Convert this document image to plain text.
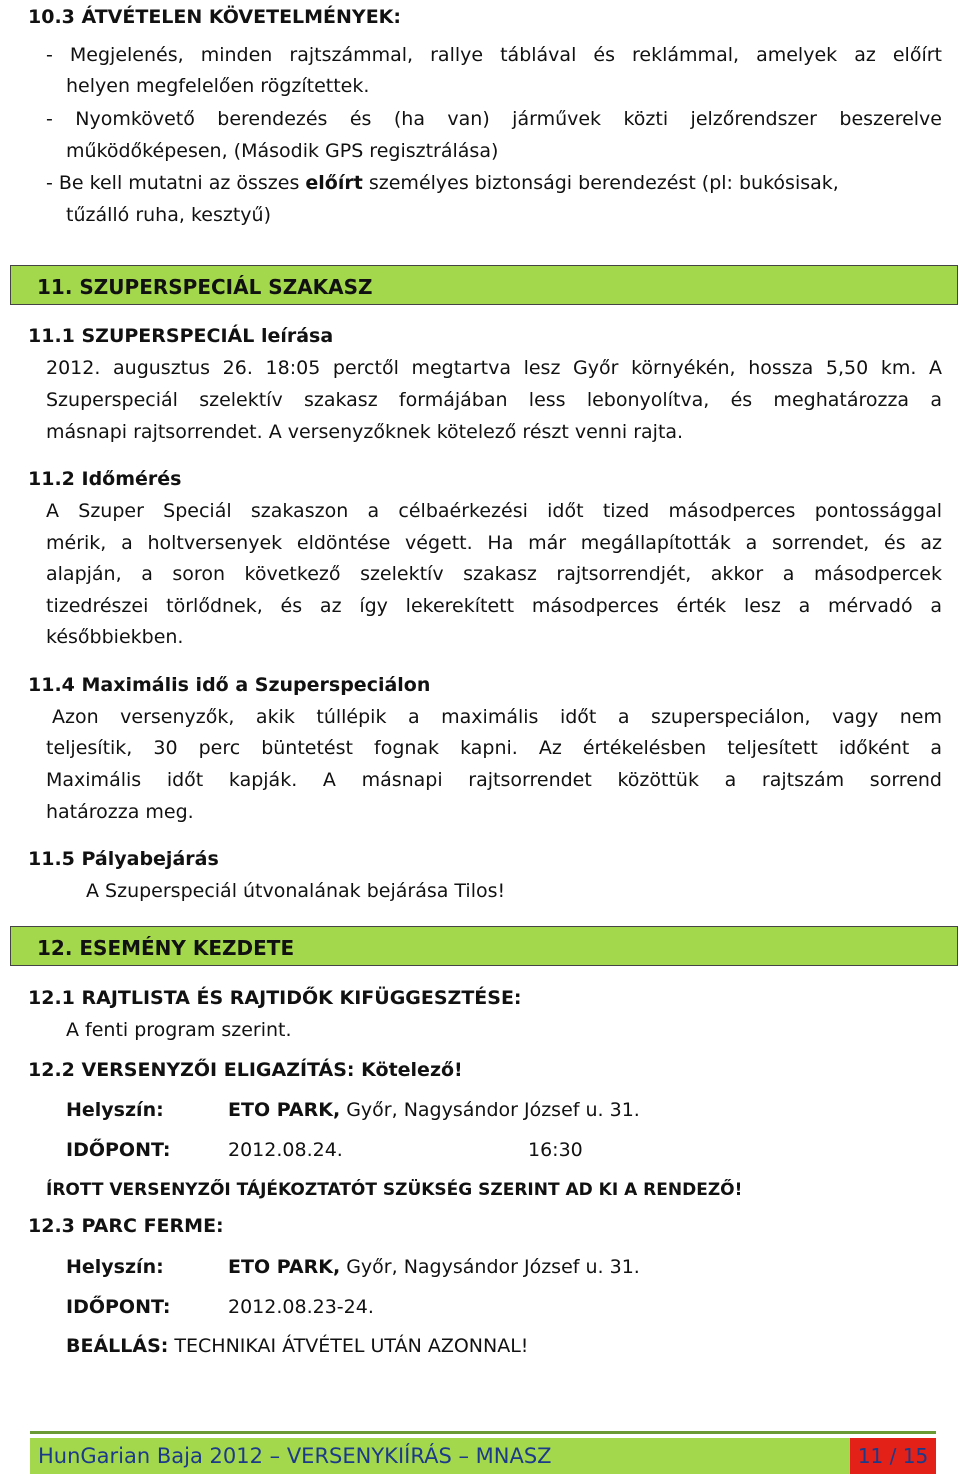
10.3 ÁTVÉTELEN KÖVETELMÉNYEK:
- Megjelenés, minden rajtszámmal, rallye táblával és reklámmal, amelyek az előírt
helyen megfelelően rögzítettek.
- Nyomkövető berendezés és (ha van) járművek közti jelzőrendszer beszerelve
működőképesen, (Második GPS regisztrálása)
- Be kell mutatni az összes előírt személyes biztonsági berendezést (pl: bukósisak,
tűzálló ruha, kesztyű)
11. SZUPERSPECIÁL SZAKASZ
11.1 SZUPERSPECIÁL leírása
2012. augusztus 26. 18:05 perctől megtartva lesz Győr környékén, hossza 5,50 km. A
Szuperspeciál szelektív szakasz formájában less lebonyolítva, és meghatározza a
másnapi rajtsorrendet. A versenyzőknek kötelező részt venni rajta.
11.2 Időmérés
A Szuper Speciál szakaszon a célbaérkezési időt tized másodperces pontossággal
mérik, a holtversenyek eldöntése végett. Ha már megállapították a sorrendet, és az
alapján, a soron következő szelektív szakasz rajtsorrendjét, akkor a másodpercek
tizedrészei törlődnek, és az így lekerekített másodperces érték lesz a mérvadó a
későbbiekben.
11.4 Maximális idő a Szuperspeciálon
Azon versenyzők, akik túllépik a maximális időt a szuperspeciálon, vagy nem
teljesítik, 30 perc büntetést fognak kapni. Az értékelésben teljesített időként a
Maximális időt kapják. A másnapi rajtsorrendet közöttük a rajtszám sorrend
határozza meg.
11.5 Pályabejárás
A Szuperspeciál útvonalának bejárása Tilos!
12. ESEMÉNY KEZDETE
12.1 RAJTLISTA ÉS RAJTIDŐK KIFÜGGESZTÉSE:
A fenti program szerint.
12.2 VERSENYZŐI ELIGAZÍTÁS: Kötelező!
Helyszín:	ETO PARK, Győr, Nagysándor József u. 31.
IDŐPONT:	2012.08.24.	16:30
ÍROTT VERSENYZŐI TÁJÉKOZTATÓT SZÜKSÉG SZERINT AD KI A RENDEZŐ!
12.3 PARC FERME:
Helyszín:	ETO PARK, Győr, Nagysándor József u. 31.
IDŐPONT:	2012.08.23-24.
BEÁLLÁS: TECHNIKAI ÁTVÉTEL UTÁN AZONNAL!
HunGarian Baja 2012 – VERSENYKIÍRÁS – MNASZ	11 / 15
